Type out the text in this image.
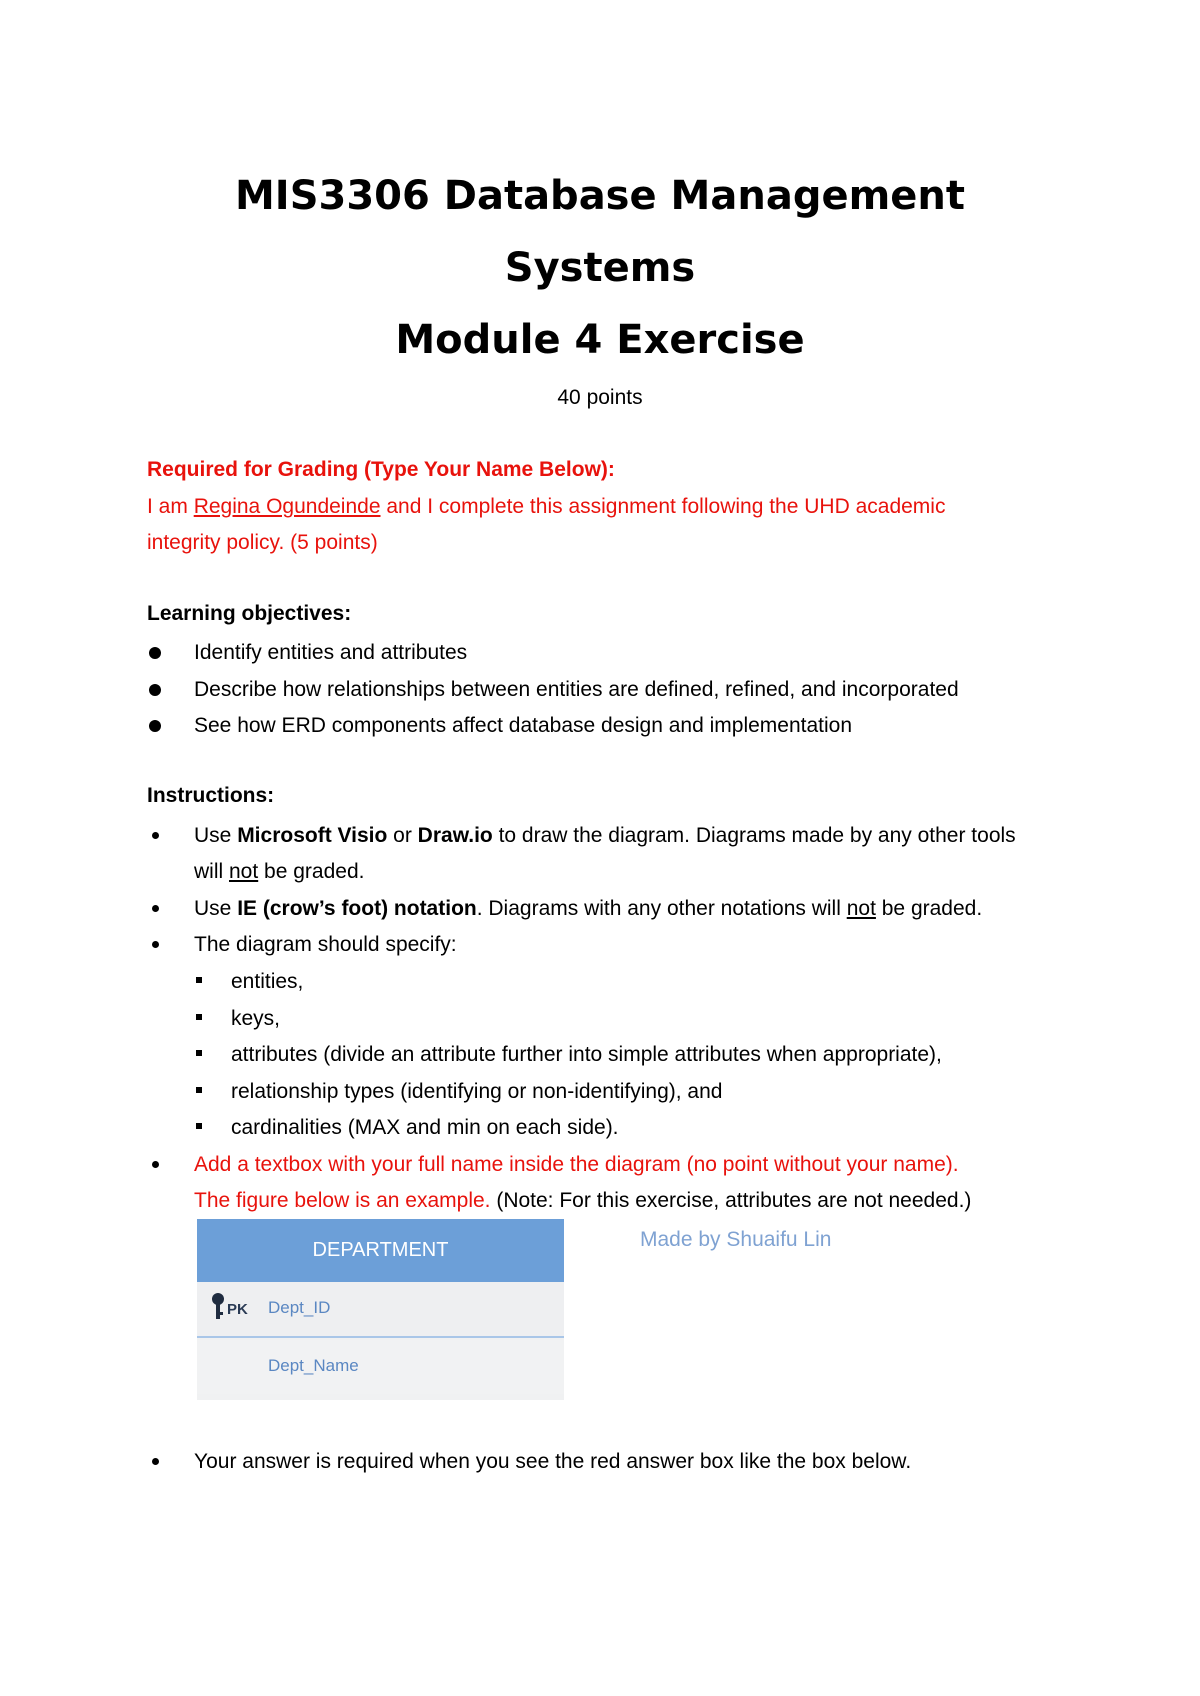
MIS3306 Database Management
Systems
Module 4 Exercise
40 points
Required for Grading (Type Your Name Below):
I am Regina Ogundeinde and I complete this assignment following the UHD academic
integrity policy. (5 points)
Learning objectives:
Identify entities and attributes
Describe how relationships between entities are defined, refined, and incorporated
See how ERD components affect database design and implementation
Instructions:
Use Microsoft Visio or Draw.io to draw the diagram. Diagrams made by any other tools
will not be graded.
Use IE (crow’s foot) notation. Diagrams with any other notations will not be graded.
The diagram should specify:
entities,
keys,
attributes (divide an attribute further into simple attributes when appropriate),
relationship types (identifying or non-identifying), and
cardinalities (MAX and min on each side).
Add a textbox with your full name inside the diagram (no point without your name).
The figure below is an example. (Note: For this exercise, attributes are not needed.)
DEPARTMENT
PK Dept_ID
Dept_Name
Made by Shuaifu Lin
Your answer is required when you see the red answer box like the box below.
